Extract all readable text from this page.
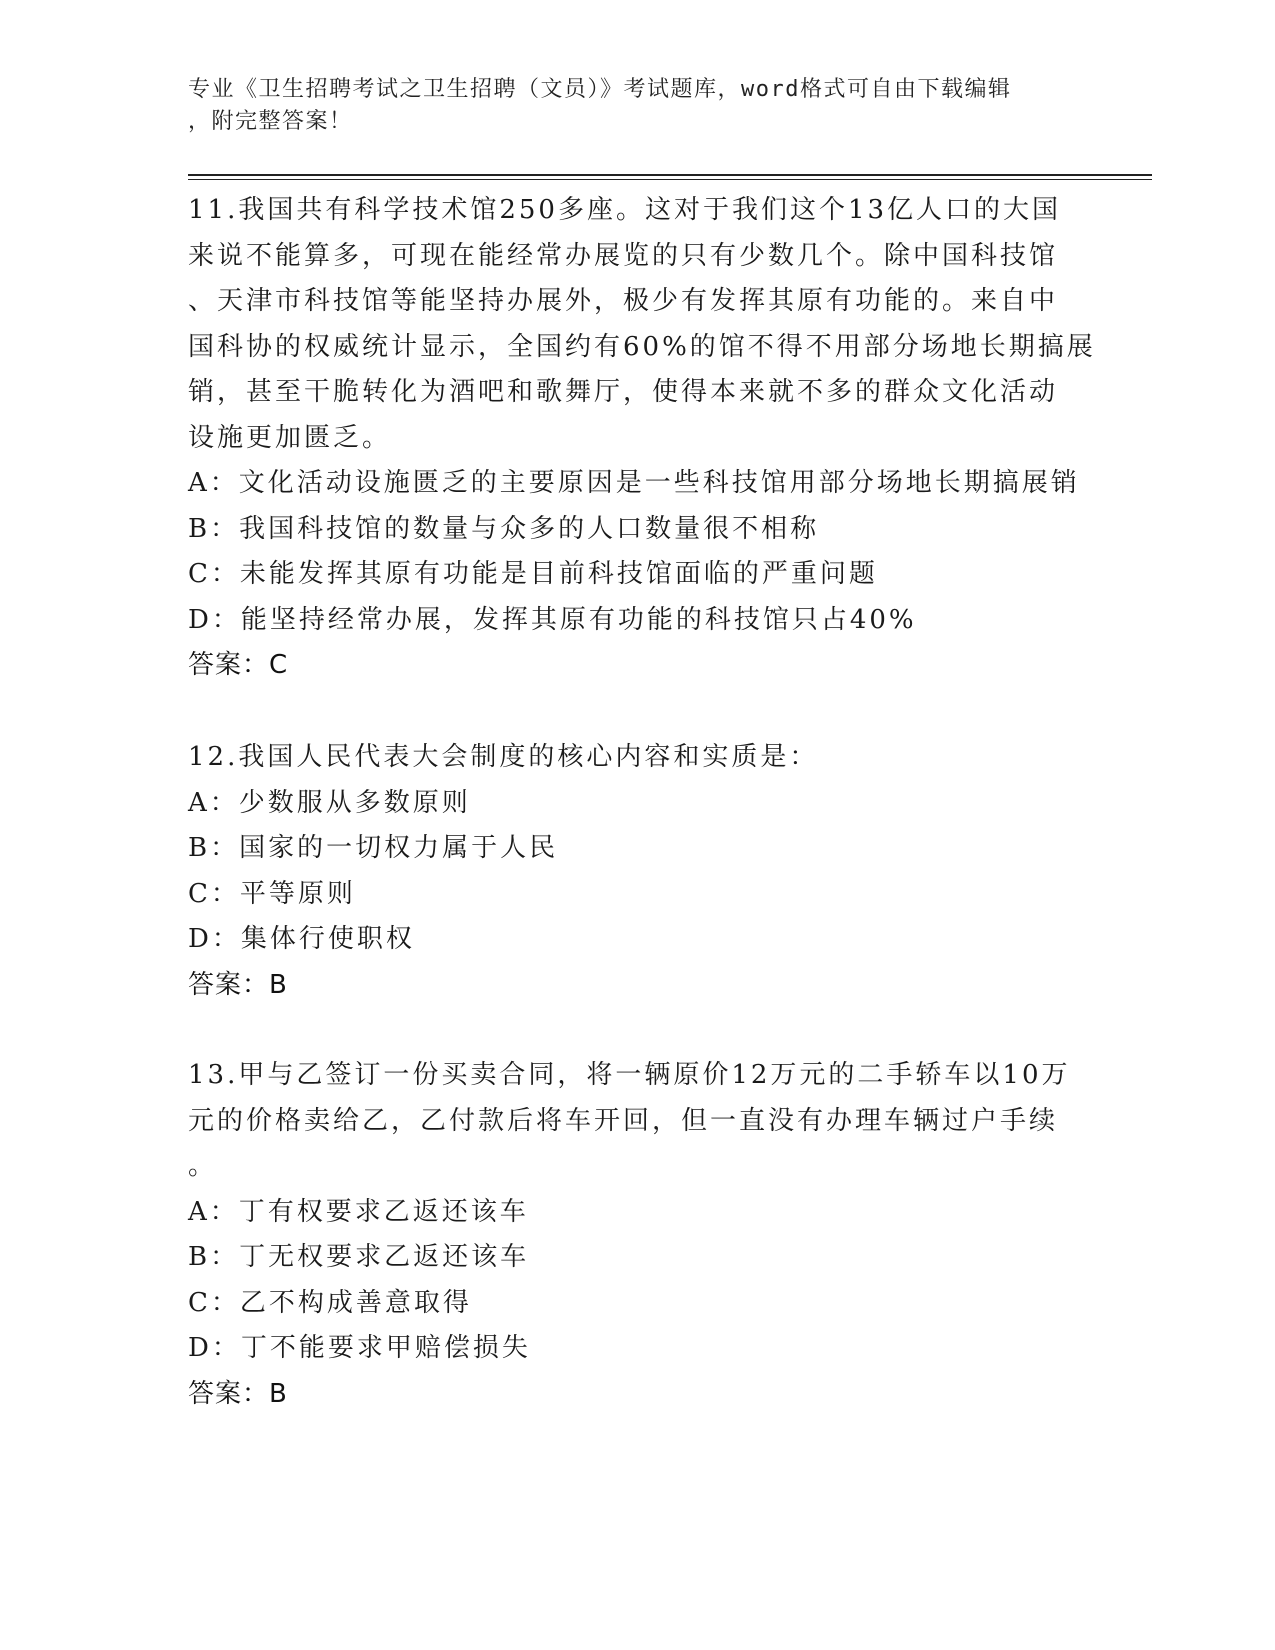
专业《卫生招聘考试之卫生招聘（文员）》考试题库，word格式可自由下载编辑
，附完整答案！
11.我国共有科学技术馆250多座。这对于我们这个13亿人口的大国
来说不能算多，可现在能经常办展览的只有少数几个。除中国科技馆
、天津市科技馆等能坚持办展外，极少有发挥其原有功能的。来自中
国科协的权威统计显示，全国约有60%的馆不得不用部分场地长期搞展
销，甚至干脆转化为酒吧和歌舞厅，使得本来就不多的群众文化活动
设施更加匮乏。
A：文化活动设施匮乏的主要原因是一些科技馆用部分场地长期搞展销
B：我国科技馆的数量与众多的人口数量很不相称
C：未能发挥其原有功能是目前科技馆面临的严重问题
D：能坚持经常办展，发挥其原有功能的科技馆只占40%
答案：C
12.我国人民代表大会制度的核心内容和实质是：
A：少数服从多数原则
B：国家的一切权力属于人民
C：平等原则
D：集体行使职权
答案：B
13.甲与乙签订一份买卖合同，将一辆原价12万元的二手轿车以10万
元的价格卖给乙，乙付款后将车开回，但一直没有办理车辆过户手续
。
A：丁有权要求乙返还该车
B：丁无权要求乙返还该车
C：乙不构成善意取得
D：丁不能要求甲赔偿损失
答案：B
